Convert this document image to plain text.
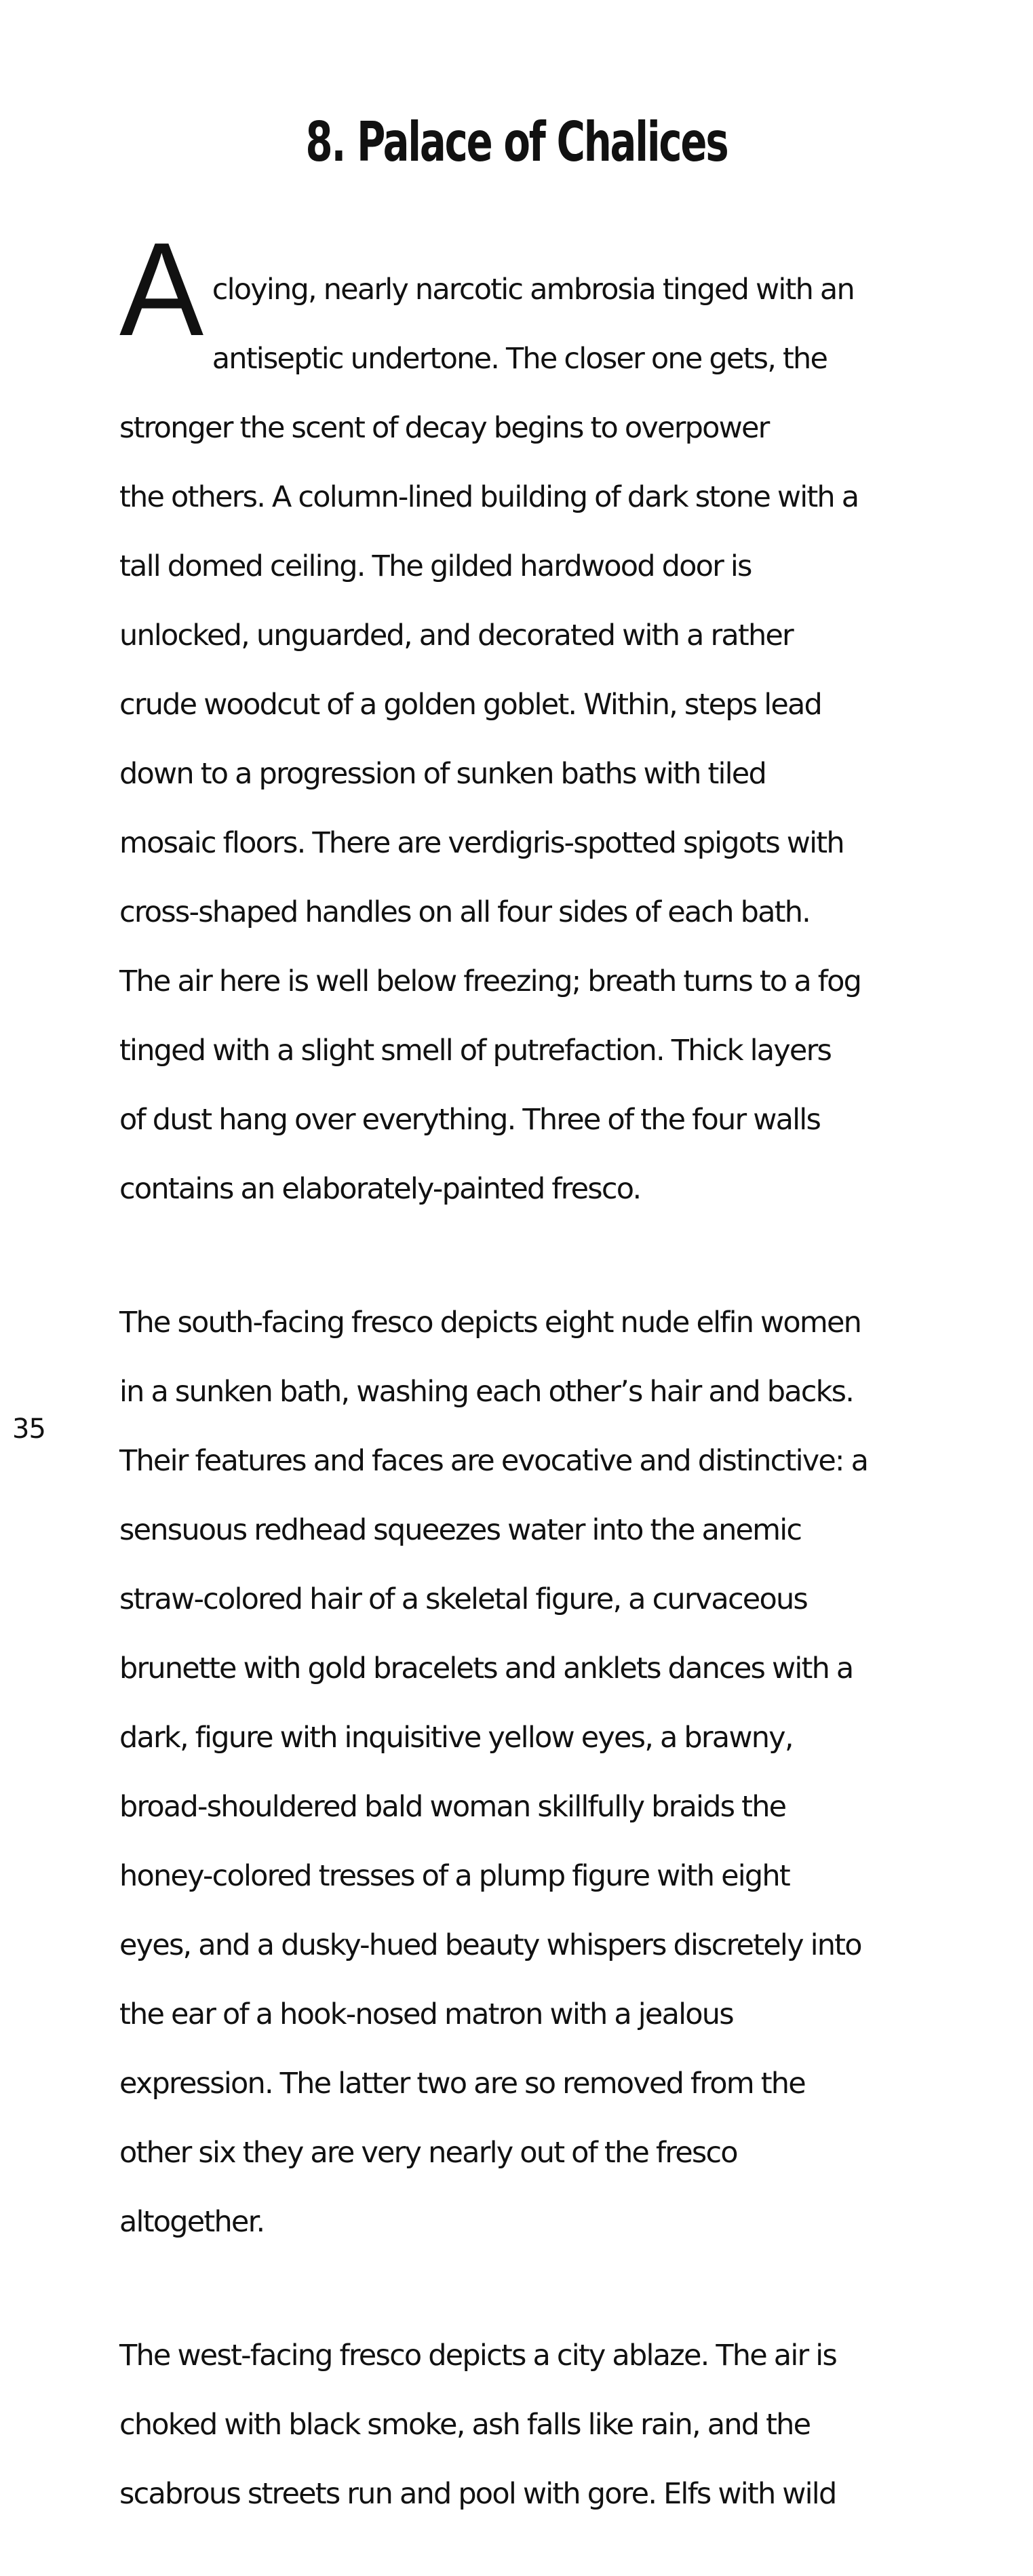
8. Palace of Chalices

A cloying, nearly narcotic ambrosia tinged with an

antiseptic undertone. The closer one gets, the

stronger the scent of decay begins to overpower

the others. A column-lined building of dark stone with a

tall domed ceiling. The gilded hardwood door is

unlocked, unguarded, and decorated with a rather

crude woodcut of a golden goblet. Within, steps lead

down to a progression of sunken baths with tiled

mosaic floors. There are verdigris-spotted spigots with

cross-shaped handles on all four sides of each bath.

The air here is well below freezing; breath turns to a fog

tinged with a slight smell of putrefaction. Thick layers

of dust hang over everything. Three of the four walls

contains an elaborately-painted fresco.

The south-facing fresco depicts eight nude elfin women

in a sunken bath, washing each other’s hair and backs.

Their features and faces are evocative and distinctive: a

sensuous redhead squeezes water into the anemic

straw-colored hair of a skeletal figure, a curvaceous

brunette with gold bracelets and anklets dances with a

dark, figure with inquisitive yellow eyes, a brawny,

broad-shouldered bald woman skillfully braids the

honey-colored tresses of a plump figure with eight

eyes, and a dusky-hued beauty whispers discretely into

the ear of a hook-nosed matron with a jealous

expression. The latter two are so removed from the

other six they are very nearly out of the fresco

altogether.

The west-facing fresco depicts a city ablaze. The air is

choked with black smoke, ash falls like rain, and the

scabrous streets run and pool with gore. Elfs with wild

35
